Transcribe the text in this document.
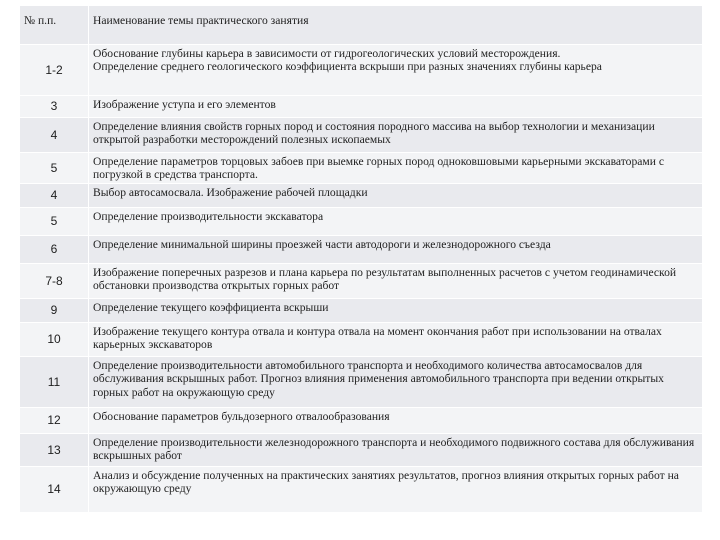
№ п.п.	Наименование темы практического занятия
1-2	Обоснование глубины карьера в зависимости от гидрогеологических условий месторождения.
Определение среднего геологического коэффициента вскрыши при разных значениях глубины карьера

3	Изображение уступа и его элементов
4	Определение влияния свойств горных пород и состояния породного массива на выбор технологии и механизации открытой разработки месторождений полезных ископаемых
5	Определение параметров торцовых забоев при выемке горных пород одноковшовыми карьерными экскаваторами с погрузкой в средства транспорта.
4	Выбор автосамосвала. Изображение рабочей площадки
5	Определение производительности экскаватора
6	Определение минимальной ширины проезжей части автодороги и железнодорожного съезда
7-8	Изображение поперечных разрезов и плана карьера по результатам выполненных расчетов с учетом геодинамической обстановки производства открытых горных работ
9	Определение текущего коэффициента вскрыши
10	Изображение текущего контура отвала и контура отвала на момент окончания работ при использовании на отвалах карьерных экскаваторов
11	Определение производительности автомобильного транспорта и необходимого количества автосамосвалов для обслуживания вскрышных работ. Прогноз влияния применения автомобильного транспорта при ведении открытых горных работ на окружающую среду
12	Обоснование параметров бульдозерного отвалообразования
13	Определение производительности железнодорожного транспорта и необходимого подвижного состава для обслуживания вскрышных работ
14	Анализ и обсуждение полученных на практических занятиях результатов, прогноз влияния открытых горных работ на окружающую среду
